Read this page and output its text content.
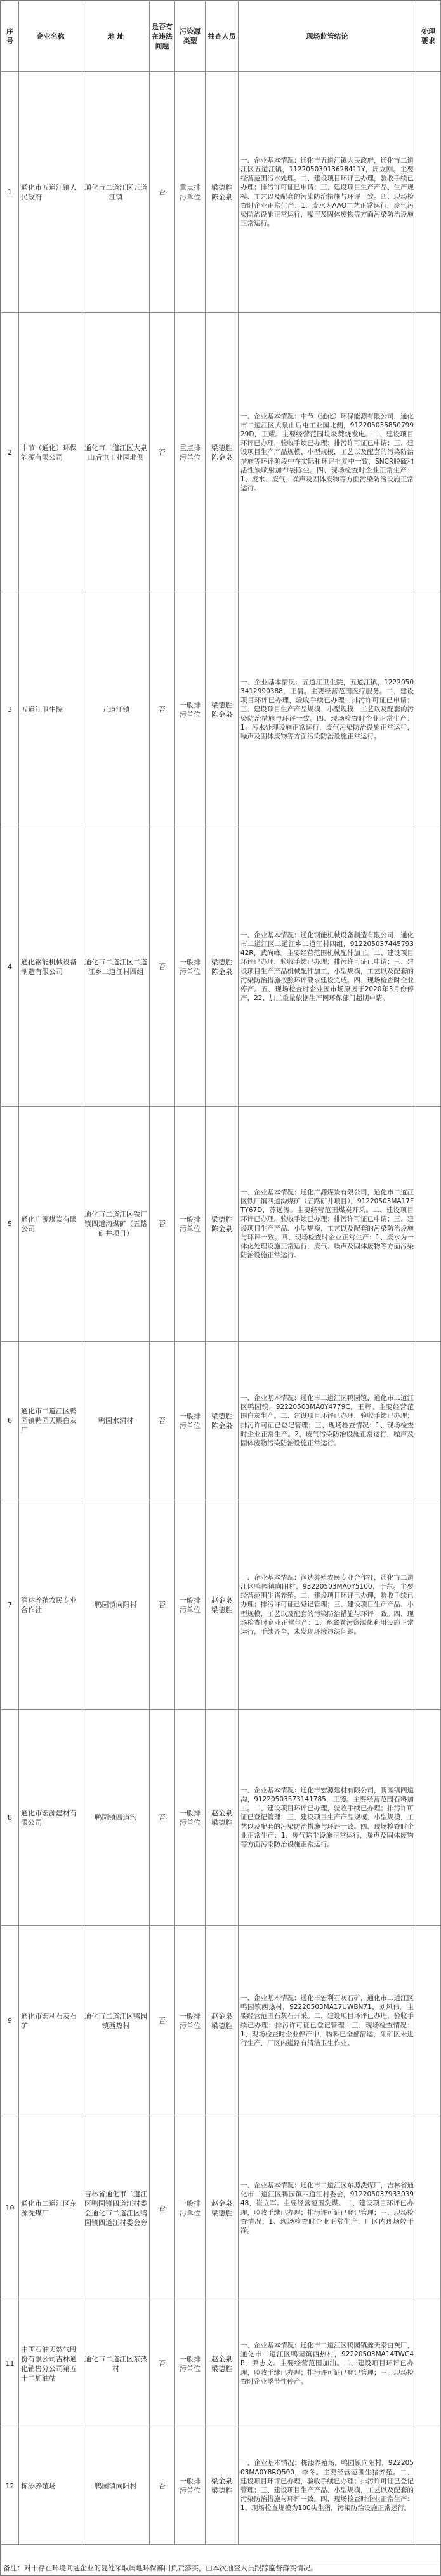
序号	企业名称	地 址	是否有在违法问题	污染源类型	抽查人员	现场监管结论	处理要求
1	通化市五道江镇人民政府	通化市二道江区五道江镇	否	重点排污单位	梁德胜 陈金泉	一、企业基本情况：通化市五道江镇人民政府，通化市二道江区五道江镇，11220503013628411Y，周立刚。主要经营范围污水处理。二、建设项目环评已办理，验收手续已办理；排污许可证已申请；三、建设项目生产产品、生产规模、工艺以及配套的污染防治措施与环评一致。四、现场检查时企业正常生产：1、废水为AAO工艺正常运行，废气污染防治设施正常运行，噪声及固体废物等方面污染防治设施正常运行。	
2	中节（通化）环保能源有限公司	通化市二道江区大泉山后屯工业园北侧	否	重点排污单位	梁德胜 陈金泉	一、企业基本情况：中节（通化）环保能源有限公司，通化市二道江区大泉山后屯工业园北侧，91220503585079929D，王耀。主要经营范围垃圾焚烧发电。二、建设项目环评已办理，验收手续已办理；排污许可证已申请；三、建设项目生产产品规模、小型规模，工艺以及配套的污染防治措施等环评阶段中在实际和环评批复中一致，SNCR脱硫和活性炭喷射加布袋除尘。四、现场检查时企业正常生产：1、废水、废气、噪声及固体废物等方面污染防治设施正常运行。	
3	五道江卫生院	五道江镇	否	一般排污单位	梁德胜 陈金泉	一、企业基本情况：五道江卫生院，五道江镇，12220503412990388，王倩。主要经营范围医疗服务。二、建设项目环评已办理，验收手续已办理；排污许可证已申请；三、建设项目生产产品规模、小型规模，工艺以及配套的污染防治措施与环评一致。四、现场检查时企业正常生产：1、污水处理设施正常运行，废气污染防治设施正常运行，噪声及固体废物等方面污染防治设施正常运行。	
4	通化钢能机械设备制造有限公司	通化市二道江区二道江乡二道江村四组	否	一般排污单位	梁德胜 陈金泉	一、企业基本情况：通化钢能机械设备制造有限公司，通化市二道江区二道江乡二道江村四组，91220503744579342R，武尚峰。主要经营范围机械配件加工。二、建设项目环评已办理，验收手续已办理；排污许可证已申请；三、建设项目生产产品机械配件加工，小型规模，工艺以及配套的污染防治措施按照环评要求建设完成。四、现场检查时企业停产。五、现场检查时企业因市场原因于2020年3月份停产，22、加工重量依据生产网环保部门超期申请。	
5	通化广源煤炭有限公司	通化市二道江区铁厂镇四道沟煤矿（五路矿井项目）	否	一般排污单位	梁德胜 陈金泉	一、企业基本情况：通化广源煤炭有限公司，通化市二道江区铁厂镇四道沟煤矿（五路矿井项目），91220503MA17FTY67D，苏远涛。主要经营范围煤炭开采。二、建设项目环评已办理，验收手续已办理；排污许可证已申请；三、建设项目生产产品、小型规模，工艺以及配套的污染防治设施与环评一致。四、现场检查时企业正常生产：1、废水为一体化处理设施正常运行，废气、噪声及固体废物等方面污染防治设施正常运行。	
6	通化市二道江区鸭园镇鸭园天赐白灰厂	鸭园水洞村	否	一般排污单位	梁德胜 陈金泉	一、企业基本情况：通化市二道江区鸭园镇，通化市二道江区鸭园镇，92220503MA0Y4779C，王辉。主要经营范围白灰生产。二、建设项目环评已办理，验收手续已办理；排污许可证已登记管理；三、现场检查情况：1、现场检查时企业正常生产。2、废气污染防治设施正常运行，噪声及固体废物污染防治设施正常运行。	
7	润达养殖农民专业合作社	鸭园镇向阳村	否	一般排污单位	赵金泉 梁德胜	一、企业基本情况：润达养殖农民专业合作社，通化市二道江区鸭园镇向阳村，93220503MA0Y5100，于东。主要经营范围生猪养殖。二、建设项目环评已办理，验收手续已办理；排污许可证已登记管理；三、建设项目生产产品、小型规模，工艺以及配套的污染防治措施与环评一致。四、现场检查时企业正常生产：1、畜禽粪污资源化利用设施正常运行，手续齐全，未发现环境违法问题。	
8	通化市宏源建材有限公司	鸭园镇四道沟	否	一般排污单位	赵金泉 梁德胜	一、企业基本情况：通化市宏源建材有限公司，鸭园镇四道沟，91220503573141785，王德。主要经营范围石料加工。二、建设项目环评已办理，验收手续已办理；排污许可证已登记管理；三、建设项目生产产品规模、小型规模，工艺以及配套的污染防治措施与环评一致。四、现场检查时企业正常生产：1、废气除尘设施正常运行，噪声及固体废物等方面污染防治设施正常运行。	
9	通化市宏利石灰石矿	通化市二道江区鸭园镇西热村	否	一般排污单位	赵金泉 梁德胜	一、企业基本情况：通化市宏利石灰石矿，通化市二道江区鸭园镇西热村，92220503MA17UWBN71，刘风伟。主要经营范围石灰石开采。二、建设项目环评已办理，验收手续已办理；排污许可证已登记管理；三、现场检查情况：1、现场检查时企业停产中，物料已全部清运，采矿区未进行生产，厂区内道路有清洁卫生作业。	
10	通化市二道江区东源洗煤厂	吉林省通化市二道江区鸭园镇四道江村委会通化市二道江区鸭园镇四道江村委会旁	否	一般排污单位	赵金泉 梁德胜	一、企业基本情况：通化市二道江区东源洗煤厂，吉林省通化市二道江区鸭园镇四道江村委会，91220503793303948，崔立军。主要经营范围洗煤。二、建设项目环评已办理，验收手续已办理；排污许可证已登记管理；三、现场检查情况：1、现场检查时企业正常生产，厂区内现场较干净。	
11	中国石油天然气股份有限公司吉林通化销售分公司第五十二加油站	通化市二道江区东热村	否	一般排污单位	赵金泉 梁德胜	一、企业基本情况：通化市二道江区鸭园镇鑫天泰白灰厂，通化市二道江区鸭园镇西热村，92220503MA14TWC4P，尹志文。主要经营范围加油。二、建设项目环评已办理，验收手续已办理；排污许可证已登记管理；三、现场检查时企业季节性停产。	
12	栋添养殖场	鸭园镇向阳村	否	一般排污单位	梁金泉 梁德胜	一、企业基本情况：栋添养殖场，鸭园镇向阳村，92220503MA0Y8RQ500，李冬。主要经营范围生猪养殖。二、建设项目环评已办理，验收手续已办理；排污许可证已登记管理；三、建设项目生产产品、小型规模，工艺以及配套的污染防治措施与环评一致。四、现场检查时企业正常生产：1、现场检查规模为100头生猪，污染防治设施正常运行。	
备注：对于存在环境问题企业的复处采取属地环保部门负责落实，由本次抽查人员跟踪监督落实情况。
